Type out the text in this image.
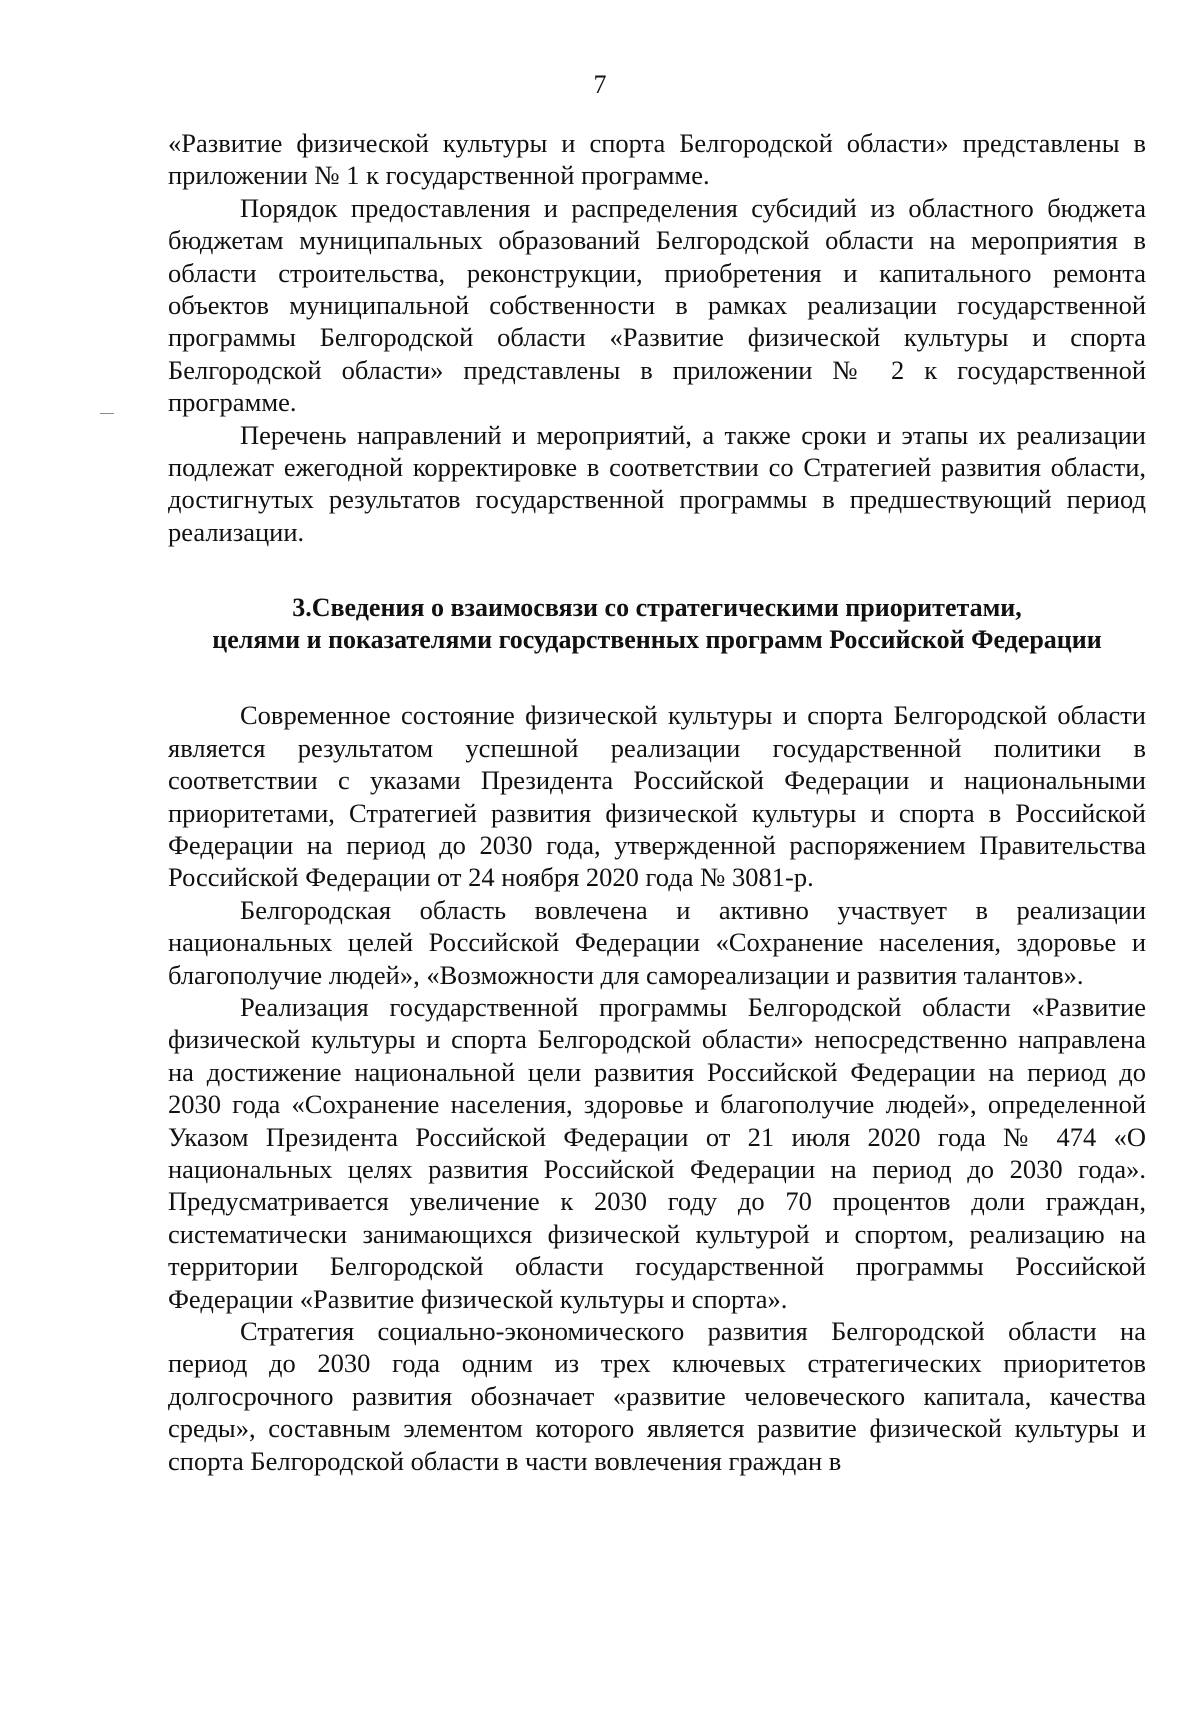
7

«Развитие физической культуры и спорта Белгородской области» представлены в приложении № 1 к государственной программе.

Порядок предоставления и распределения субсидий из областного бюджета бюджетам муниципальных образований Белгородской области на мероприятия в области строительства, реконструкции, приобретения и капитального ремонта объектов муниципальной собственности в рамках реализации государственной программы Белгородской области «Развитие физической культуры и спорта Белгородской области» представлены в приложении № 2 к государственной программе.

Перечень направлений и мероприятий, а также сроки и этапы их реализации подлежат ежегодной корректировке в соответствии со Стратегией развития области, достигнутых результатов государственной программы в предшествующий период реализации.

3.Сведения о взаимосвязи со стратегическими приоритетами,
целями и показателями государственных программ Российской Федерации

Современное состояние физической культуры и спорта Белгородской области является результатом успешной реализации государственной политики в соответствии с указами Президента Российской Федерации и национальными приоритетами, Стратегией развития физической культуры и спорта в Российской Федерации на период до 2030 года, утвержденной распоряжением Правительства Российской Федерации от 24 ноября 2020 года № 3081-р.

Белгородская область вовлечена и активно участвует в реализации национальных целей Российской Федерации «Сохранение населения, здоровье и благополучие людей», «Возможности для самореализации и развития талантов».

Реализация государственной программы Белгородской области «Развитие физической культуры и спорта Белгородской области» непосредственно направлена на достижение национальной цели развития Российской Федерации на период до 2030 года «Сохранение населения, здоровье и благополучие людей», определенной Указом Президента Российской Федерации от 21 июля 2020 года № 474 «О национальных целях развития Российской Федерации на период до 2030 года». Предусматривается увеличение к 2030 году до 70 процентов доли граждан, систематически занимающихся физической культурой и спортом, реализацию на территории Белгородской области государственной программы Российской Федерации «Развитие физической культуры и спорта».

Стратегия социально-экономического развития Белгородской области на период до 2030 года одним из трех ключевых стратегических приоритетов долгосрочного развития обозначает «развитие человеческого капитала, качества среды», составным элементом которого является развитие физической культуры и спорта Белгородской области в части вовлечения граждан в
